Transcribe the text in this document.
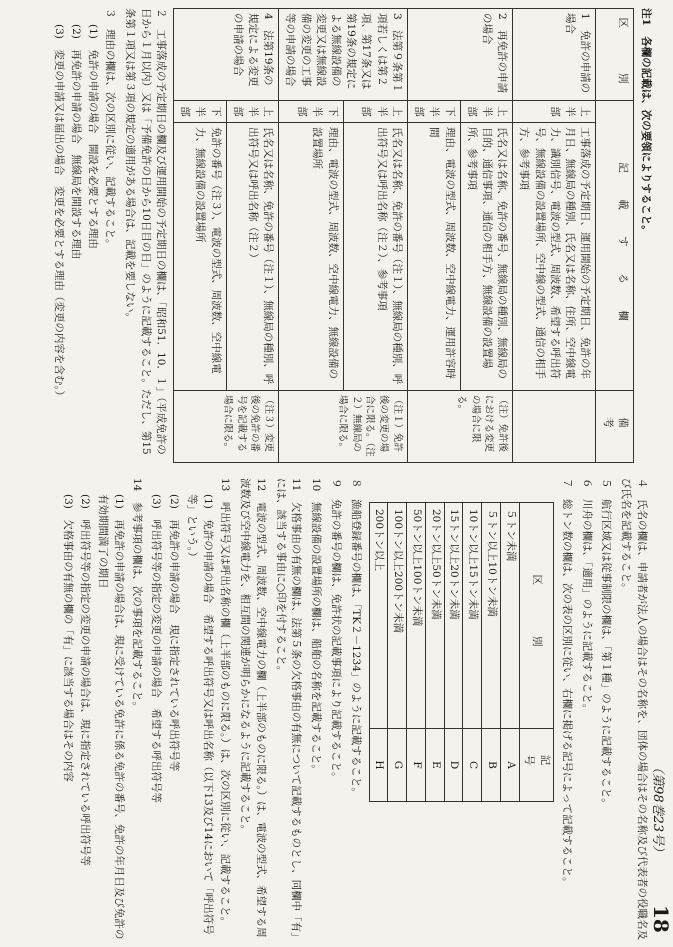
（第98巻23号）
18
注1　各欄の記載は、次の要領によりすること。
区　　別	記　載　す　る　欄		備　　考
1　免許の申請の場合	上半部	工事落成の予定期日、運用開始の予定期日、免許の年月日、無線局の種別、氏名又は名称、住所、空中線電力、識別信号、電波の型式、周波数、希望する呼出符号、無線設備の設置場所、空中線の型式、通信の相手方、参考事項	
2　再免許の申請の場合	上半部	氏名又は名称、免許の番号、無線局の種別、無線局の目的、通信事項、通信の相手方、無線設備の設置場所、参考事項	（注）免許後における変更の場合に限る。
	下半部	理由、電波の型式、周波数、空中線電力、運用許容時間	
3　法第９条第１項若しくは第２項、第17条又は第19条の規定による無線設備の変更又は無線設備の変更の工事等の申請の場合	上半部	氏名又は名称、免許の番号（注１）、無線局の種別、呼出符号又は呼出名称（注２）、参考事項	（注１）免許後の変更の場合に限る。（注２）無線局の場合に限る。
	下半部	理由、電波の型式、周波数、空中線電力、無線設備の設置場所	
4　法第19条の規定による変更の申請の場合	上半部	氏名又は名称、免許の番号（注１）、無線局の種別、呼出符号又は呼出名称（注２）	（注３）変更後の免許の番号を記載する場合に限る。
	下半部	免許の番号（注３）、電波の型式、周波数、空中線電力、無線設備の設置場所	
２　工事落成の予定期日の欄及び運用開始の予定期日の欄は、「昭和51．10．１」（平成免許の日から１月以内）又は「予備免許の日から10日目の日」のように記載すること。ただし、第15条第１項又は第３項の規定の適用がある場合は、記載を要しない。
３　理由の欄は、次の区別に従い、記載すること。
(1)　免許の申請の場合　開設を必要とする理由
(2)　再免許の申請の場合　無線局を開設する理由
(3)　変更の申請又は届出の場合　変更を必要とする理由（変更の内容を含む。）
４　氏名の欄は、申請者が法人の場合はその名称を、団体の場合はその名称及び代表者の役職名及び氏名を記載すること。
５　航行区域又は従事制限の欄は、「第１種」のように記載すること。
６　川舟の欄は、「適用」のように記載すること。
７　総トン数の欄は、次の表の区別に従い、右欄に掲げる記号によって記載すること。
区　　別	記　号
５トン未満	A
５トン以上10トン未満	B
10トン以上15トン未満	C
15トン以上20トン未満	D
20トン以上50トン未満	E
50トン以上100トン未満	F
100トン以上200トン未満	G
200トン以上	H
８　漁船登録番号の欄は、「TK２－1234」のように記載すること。
９　免許の番号の欄は、免許状の記載事項により記載すること。
10　無線設備の設置場所の欄は、船舶の名称を記載すること。
11　欠格事由の有無の欄は、法第５条の欠格事由の有無について記載するものとし、同欄中「有」には、該当する事由に○印を付すること。
12　電波の型式、周波数、空中線電力の欄（上半部のものに限る。）は、電波の型式、希望する周波数及び空中線電力を、相互間の関連が明らかになるように記載すること。
13　呼出符号又は呼出名称の欄（上半部のものに限る。）は、次の区別に従い、記載すること。
(1)　免許の申請の場合　希望する呼出符号又は呼出名称（以下13及び14において「呼出符号等」という。）
(2)　再免許の申請の場合　現に指定されている呼出符号等
(3)　呼出符号等の指定の変更の申請の場合　希望する呼出符号等
14　参考事項の欄は、次の事項を記載すること。
(1)　再免許の申請の場合は、現に受けている免許に係る免許の番号、免許の年月日及び免許の有効期間満了の期日
(2)　呼出符号等の指定の変更の申請の場合は、現に指定されている呼出符号等
(3)　欠格事由の有無の欄の「有」に該当する場合はその内容
